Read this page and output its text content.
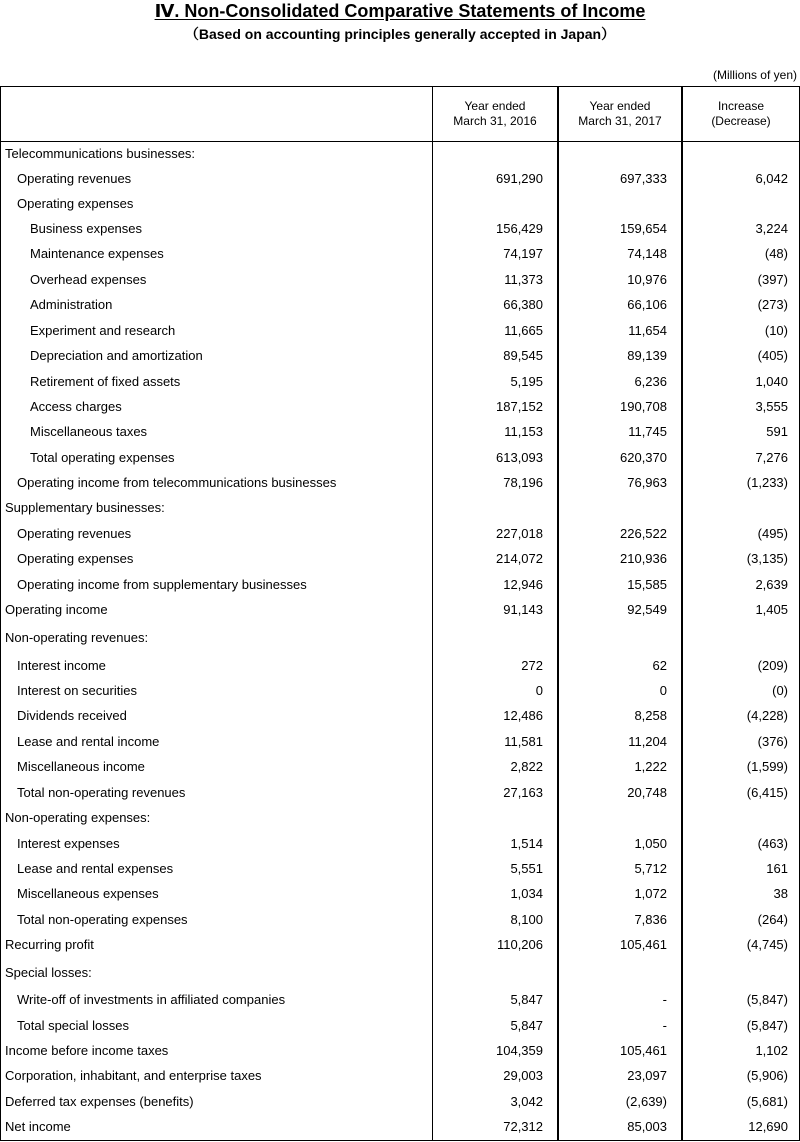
Ⅳ. Non-Consolidated Comparative Statements of Income
（Based on accounting principles generally accepted in Japan）
(Millions of yen)
Year ended
March 31, 2016
Year ended
March 31, 2017
Increase
(Decrease)
Telecommunications businesses:
Operating revenues	691,290	697,333	6,042
Operating expenses
Business expenses	156,429	159,654	3,224
Maintenance expenses	74,197	74,148	(48)
Overhead expenses	11,373	10,976	(397)
Administration	66,380	66,106	(273)
Experiment and research	11,665	11,654	(10)
Depreciation and amortization	89,545	89,139	(405)
Retirement of fixed assets	5,195	6,236	1,040
Access charges	187,152	190,708	3,555
Miscellaneous taxes	11,153	11,745	591
Total operating expenses	613,093	620,370	7,276
Operating income from telecommunications businesses	78,196	76,963	(1,233)
Supplementary businesses:
Operating revenues	227,018	226,522	(495)
Operating expenses	214,072	210,936	(3,135)
Operating income from supplementary businesses	12,946	15,585	2,639
Operating income	91,143	92,549	1,405
Non-operating revenues:
Interest income	272	62	(209)
Interest on securities	0	0	(0)
Dividends received	12,486	8,258	(4,228)
Lease and rental income	11,581	11,204	(376)
Miscellaneous income	2,822	1,222	(1,599)
Total non-operating revenues	27,163	20,748	(6,415)
Non-operating expenses:
Interest expenses	1,514	1,050	(463)
Lease and rental expenses	5,551	5,712	161
Miscellaneous expenses	1,034	1,072	38
Total non-operating expenses	8,100	7,836	(264)
Recurring profit	110,206	105,461	(4,745)
Special losses:
Write-off of investments in affiliated companies	5,847	-	(5,847)
Total special losses	5,847	-	(5,847)
Income before income taxes	104,359	105,461	1,102
Corporation, inhabitant, and enterprise taxes	29,003	23,097	(5,906)
Deferred tax expenses (benefits)	3,042	(2,639)	(5,681)
Net income	72,312	85,003	12,690
